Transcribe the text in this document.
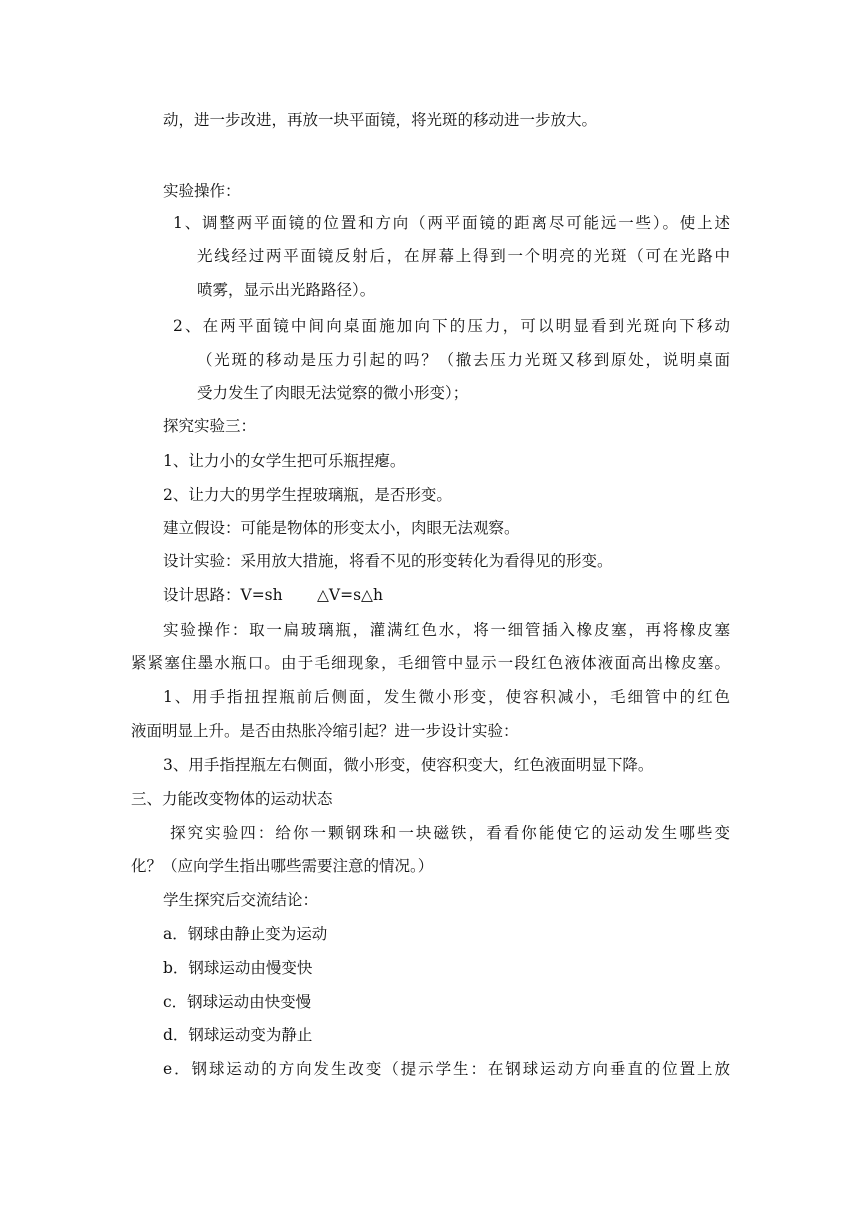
动，进一步改进，再放一块平面镜，将光斑的移动进一步放大。
实验操作：
1、调整两平面镜的位置和方向（两平面镜的距离尽可能远一些）。使上述
光线经过两平面镜反射后，在屏幕上得到一个明亮的光斑（可在光路中
喷雾，显示出光路路径）。
2、在两平面镜中间向桌面施加向下的压力，可以明显看到光斑向下移动
（光斑的移动是压力引起的吗？（撤去压力光斑又移到原处，说明桌面
受力发生了肉眼无法觉察的微小形变）；
探究实验三：
1、让力小的女学生把可乐瓶捏瘪。
2、让力大的男学生捏玻璃瓶，是否形变。
建立假设：可能是物体的形变太小，肉眼无法观察。
设计实验：采用放大措施，将看不见的形变转化为看得见的形变。
设计思路：V=sh △V=s△h
实验操作：取一扁玻璃瓶，灌满红色水，将一细管插入橡皮塞，再将橡皮塞
紧紧塞住墨水瓶口。由于毛细现象，毛细管中显示一段红色液体液面高出橡皮塞。
1、用手指扭捏瓶前后侧面，发生微小形变，使容积减小，毛细管中的红色
液面明显上升。是否由热胀冷缩引起？进一步设计实验：
3、用手指捏瓶左右侧面，微小形变，使容积变大，红色液面明显下降。
三、力能改变物体的运动状态
探究实验四：给你一颗钢珠和一块磁铁，看看你能使它的运动发生哪些变
化？（应向学生指出哪些需要注意的情况。）
学生探究后交流结论：
a．钢球由静止变为运动
b．钢球运动由慢变快
c．钢球运动由快变慢
d．钢球运动变为静止
e．钢球运动的方向发生改变（提示学生：在钢球运动方向垂直的位置上放
